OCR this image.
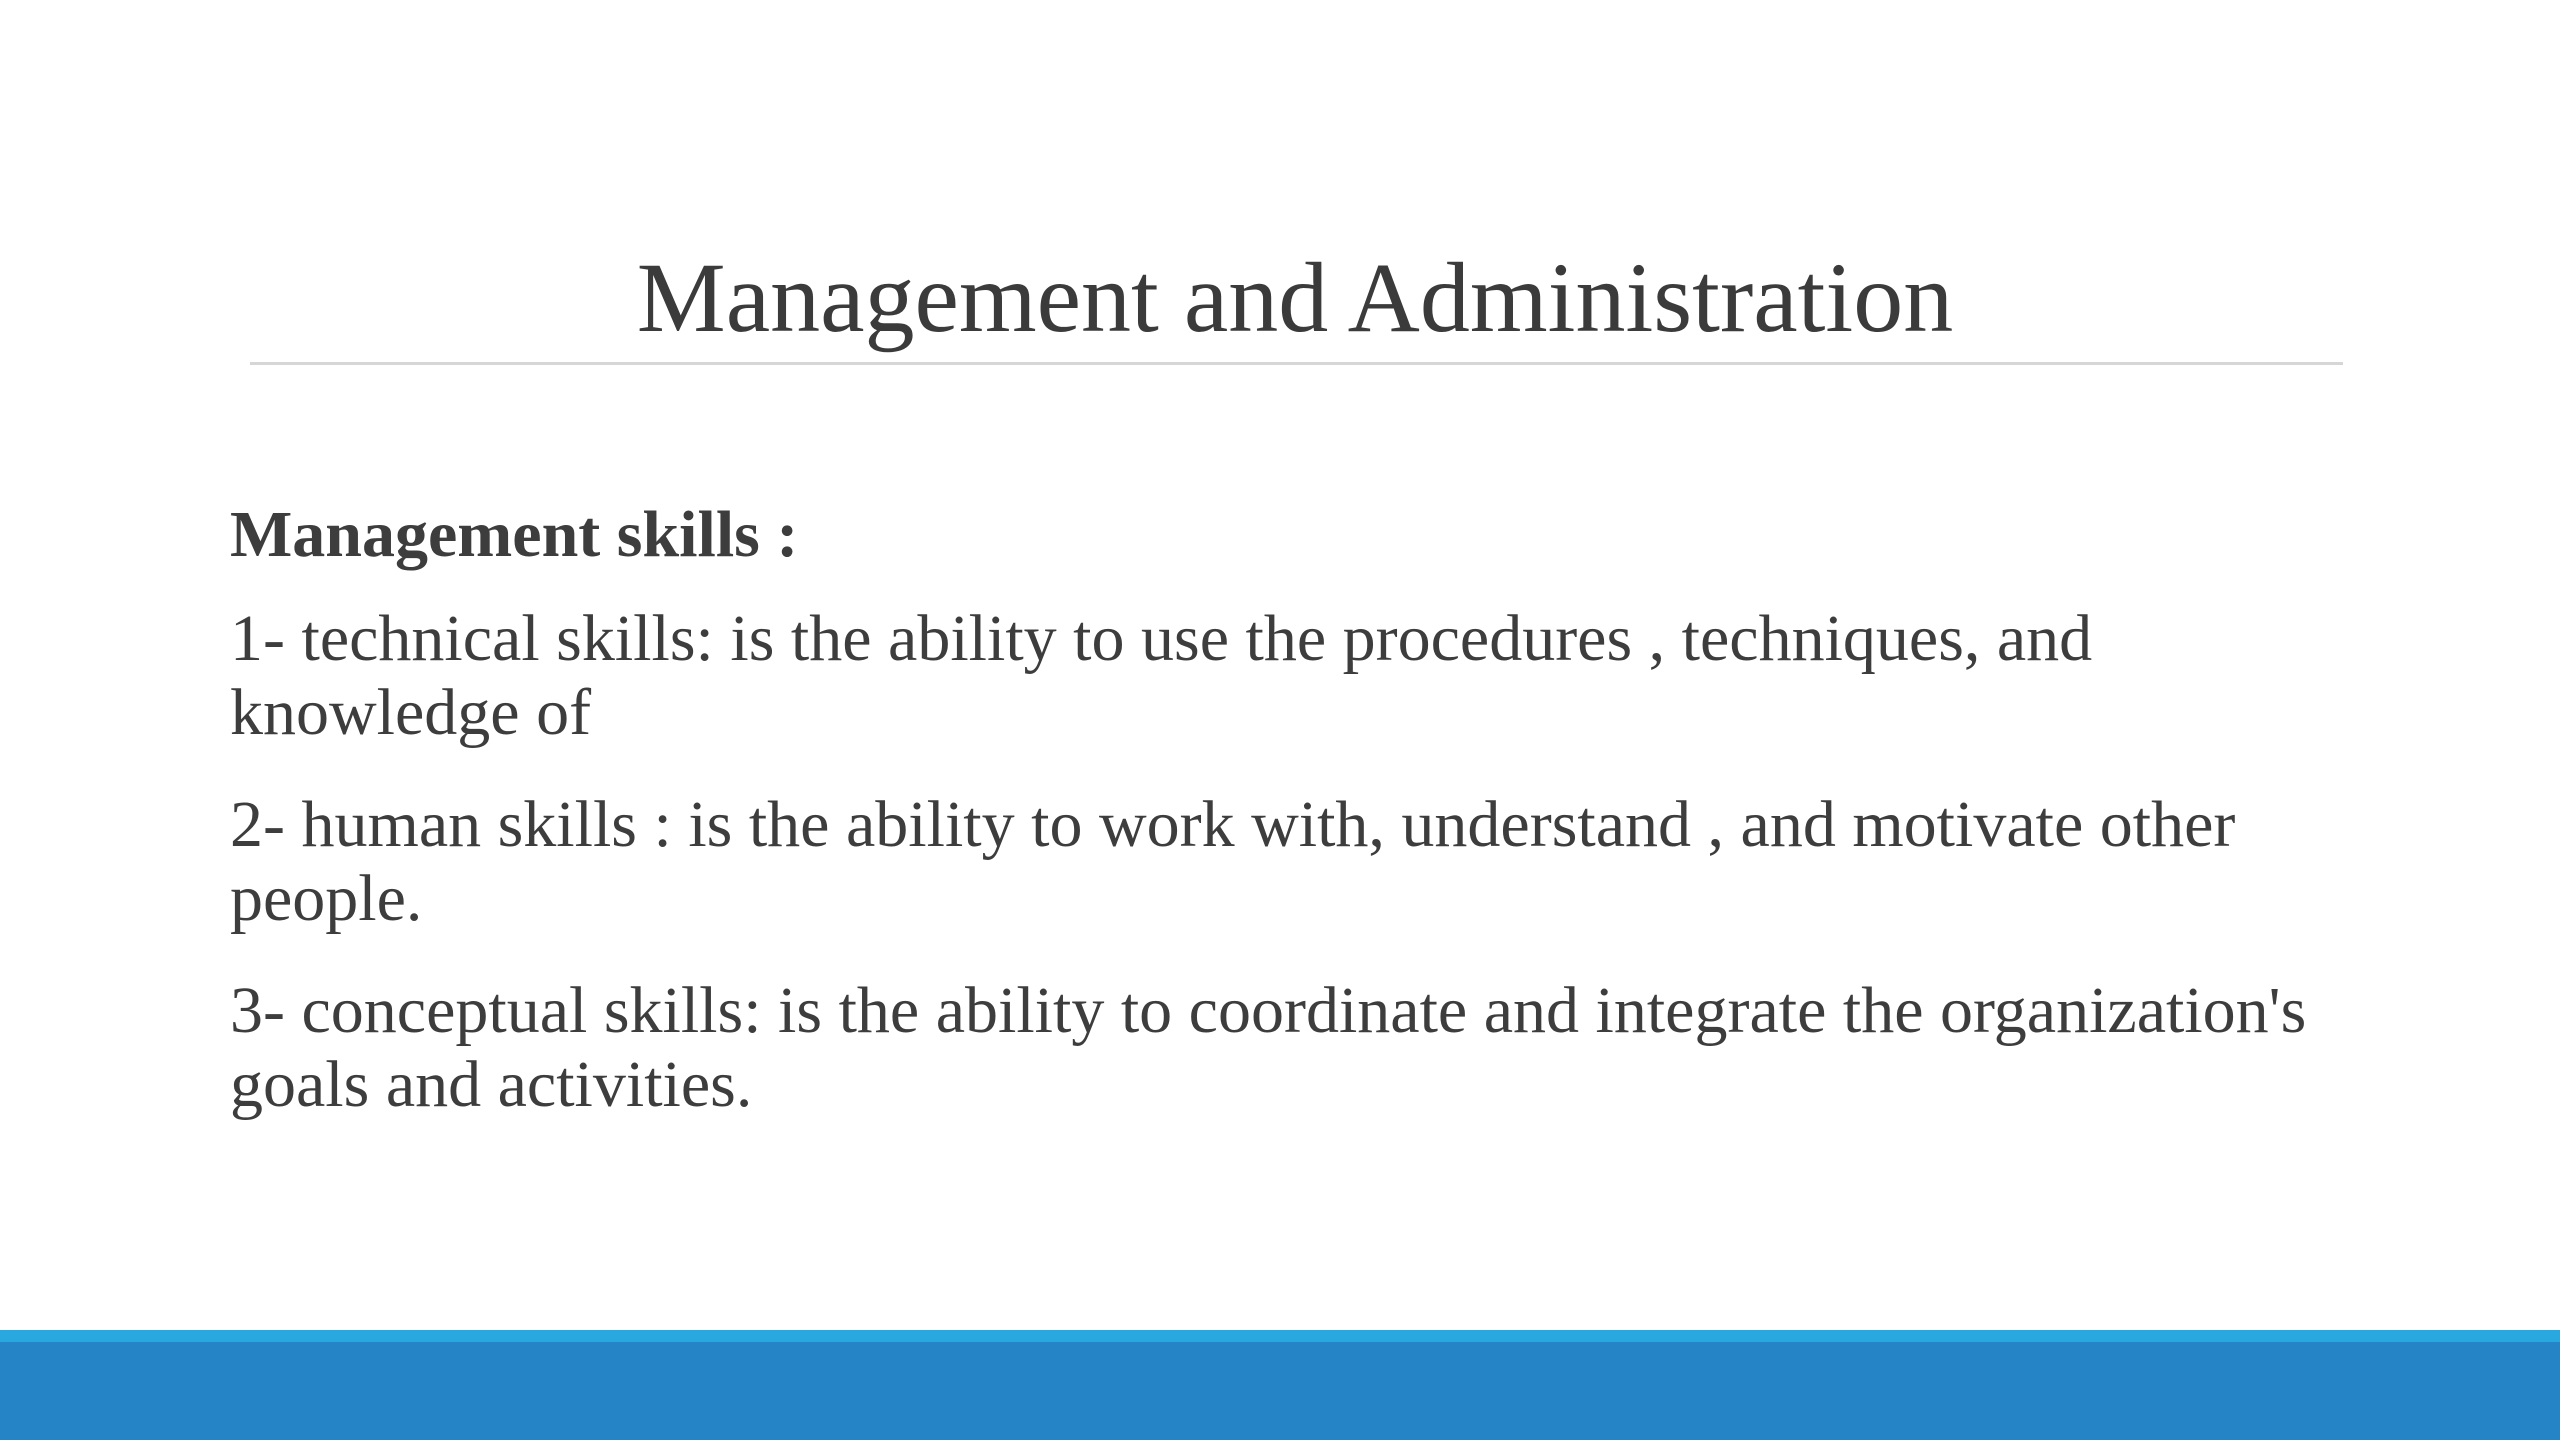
Management and Administration

Management skills :

1- technical skills: is the ability to use the procedures , techniques, and knowledge of

2- human skills : is the ability to work with, understand , and motivate other people.

3- conceptual skills: is the ability to coordinate and integrate the organization's goals and activities.
